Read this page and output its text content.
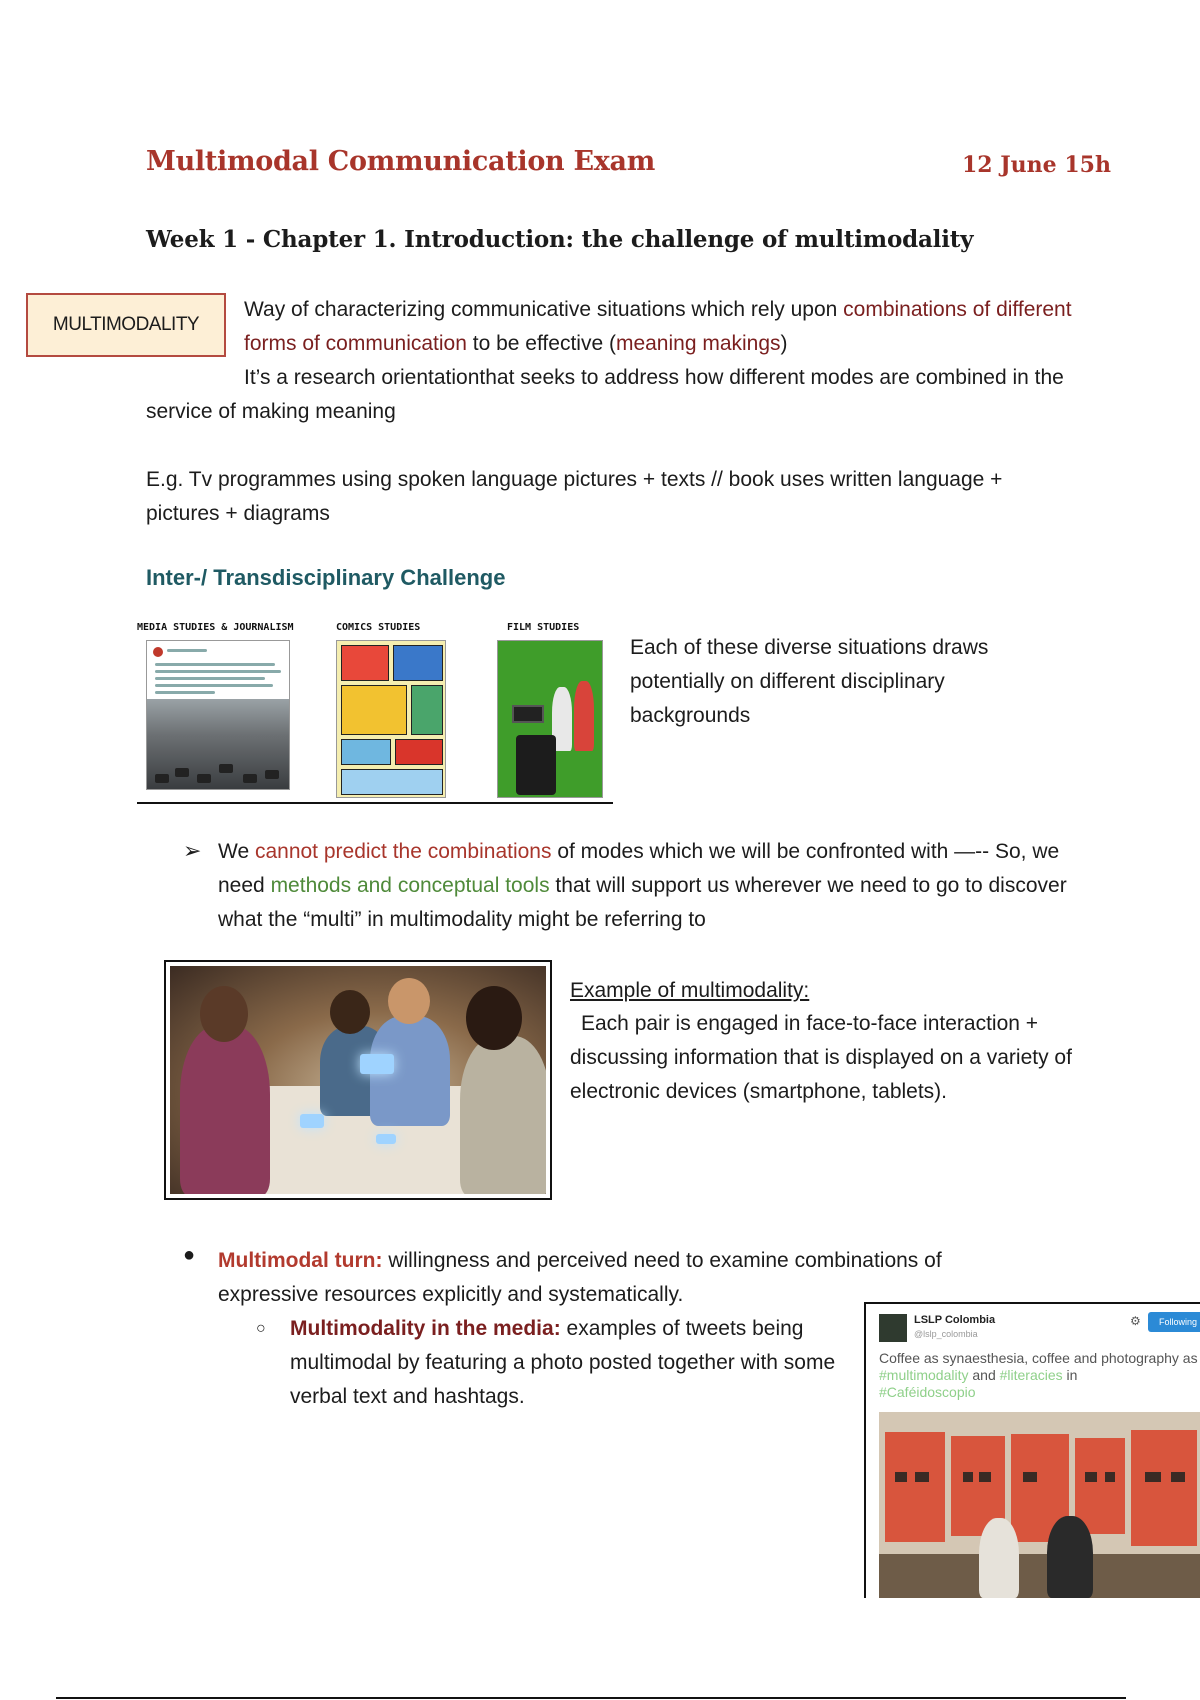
Multimodal Communication Exam	12 June 15h
Week 1 - Chapter 1. Introduction: the challenge of multimodality
MULTIMODALITY
Way of characterizing communicative situations which rely upon combinations of different forms of communication to be effective (meaning makings)
It’s a research orientationthat seeks to address how different modes are combined in the service of making meaning
E.g. Tv programmes using spoken language pictures + texts // book uses written language + pictures + diagrams
Inter-/ Transdisciplinary Challenge
MEDIA STUDIES & JOURNALISM	COMICS STUDIES	FILM STUDIES
Each of these diverse situations draws potentially on different disciplinary backgrounds
➢ We cannot predict the combinations of modes which we will be confronted with —-- So, we need methods and conceptual tools that will support us wherever we need to go to discover what the “multi” in multimodality might be referring to
Example of multimodality:
Each pair is engaged in face-to-face interaction + discussing information that is displayed on a variety of electronic devices (smartphone, tablets).
● Multimodal turn: willingness and perceived need to examine combinations of expressive resources explicitly and systematically.
○ Multimodality in the media: examples of tweets being multimodal by featuring a photo posted together with some verbal text and hashtags.
LSLP Colombia
@lslp_colombia
⚙	Following
Coffee as synaesthesia, coffee and photography as #multimodality and #literacies in
#Caféidoscopio
